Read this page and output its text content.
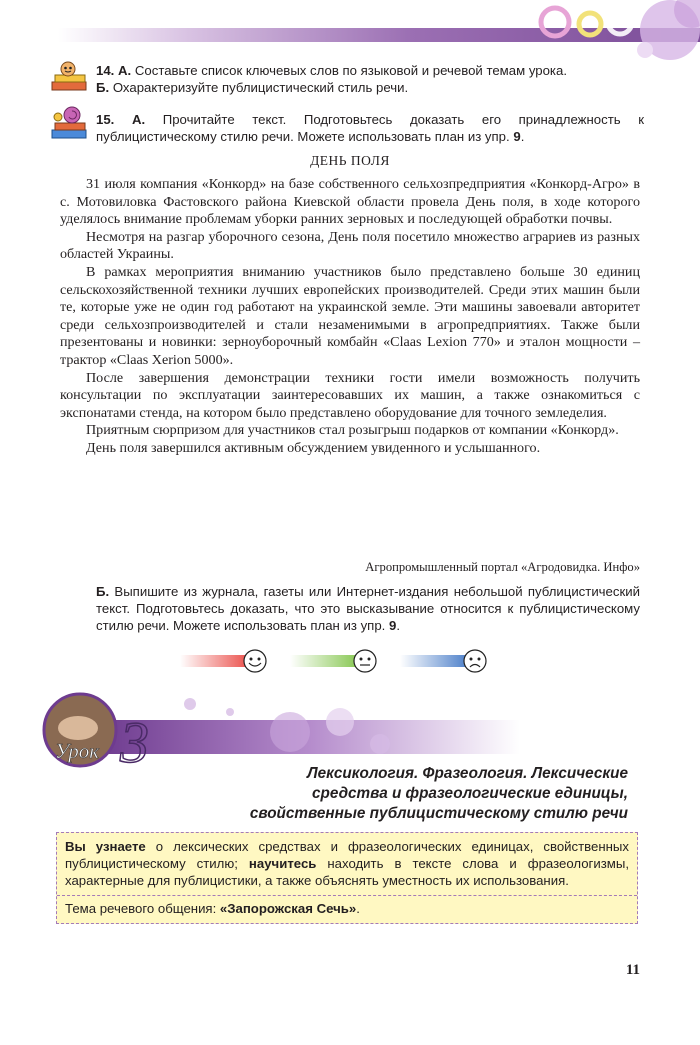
14. А. Составьте список ключевых слов по языковой и речевой темам урока.
Б. Охарактеризуйте публицистический стиль речи.
15. А. Прочитайте текст. Подготовьтесь доказать его принадлежность к публицистическому стилю речи. Можете использовать план из упр. 9.
ДЕНЬ ПОЛЯ

31 июля компания «Конкорд» на базе собственного сельхозпредприятия «Конкорд-Агро» в с. Мотовиловка Фастовского района Киевской области провела День поля, в ходе которого уделялось внимание проблемам уборки ранних зерновых и последующей обработки почвы.

Несмотря на разгар уборочного сезона, День поля посетило множество аграриев из разных областей Украины.

В рамках мероприятия вниманию участников было представлено больше 30 единиц сельскохозяйственной техники лучших европейских производителей. Среди этих машин были те, которые уже не один год работают на украинской земле. Эти машины завоевали авторитет среди сельхозпроизводителей и стали незаменимыми в агропредприятиях. Также были презентованы и новинки: зерноуборочный комбайн «Claas Lexion 770» и эталон мощности – трактор «Claas Xerion 5000».

После завершения демонстрации техники гости имели возможность получить консультации по эксплуатации заинтересовавших их машин, а также ознакомиться с экспонатами стенда, на котором было представлено оборудование для точного земледелия.

Приятным сюрпризом для участников стал розыгрыш подарков от компании «Конкорд».

День поля завершился активным обсуждением увиденного и услышанного.

Агропромышленный портал «Агродовидка. Инфо»
Б. Выпишите из журнала, газеты или Интернет-издания небольшой публицистический текст. Подготовьтесь доказать, что это высказывание относится к публицистическому стилю речи. Можете использовать план из упр. 9.
Урок 3	Лексикология. Фразеология. Лексические средства и фразеологические единицы, свойственные публицистическому стилю речи
Вы узнаете о лексических средствах и фразеологических единицах, свойственных публицистическому стилю; научитесь находить в тексте слова и фразеологизмы, характерные для публицистики, а также объяснять уместность их использования.
Тема речевого общения: «Запорожская Сечь».
11
